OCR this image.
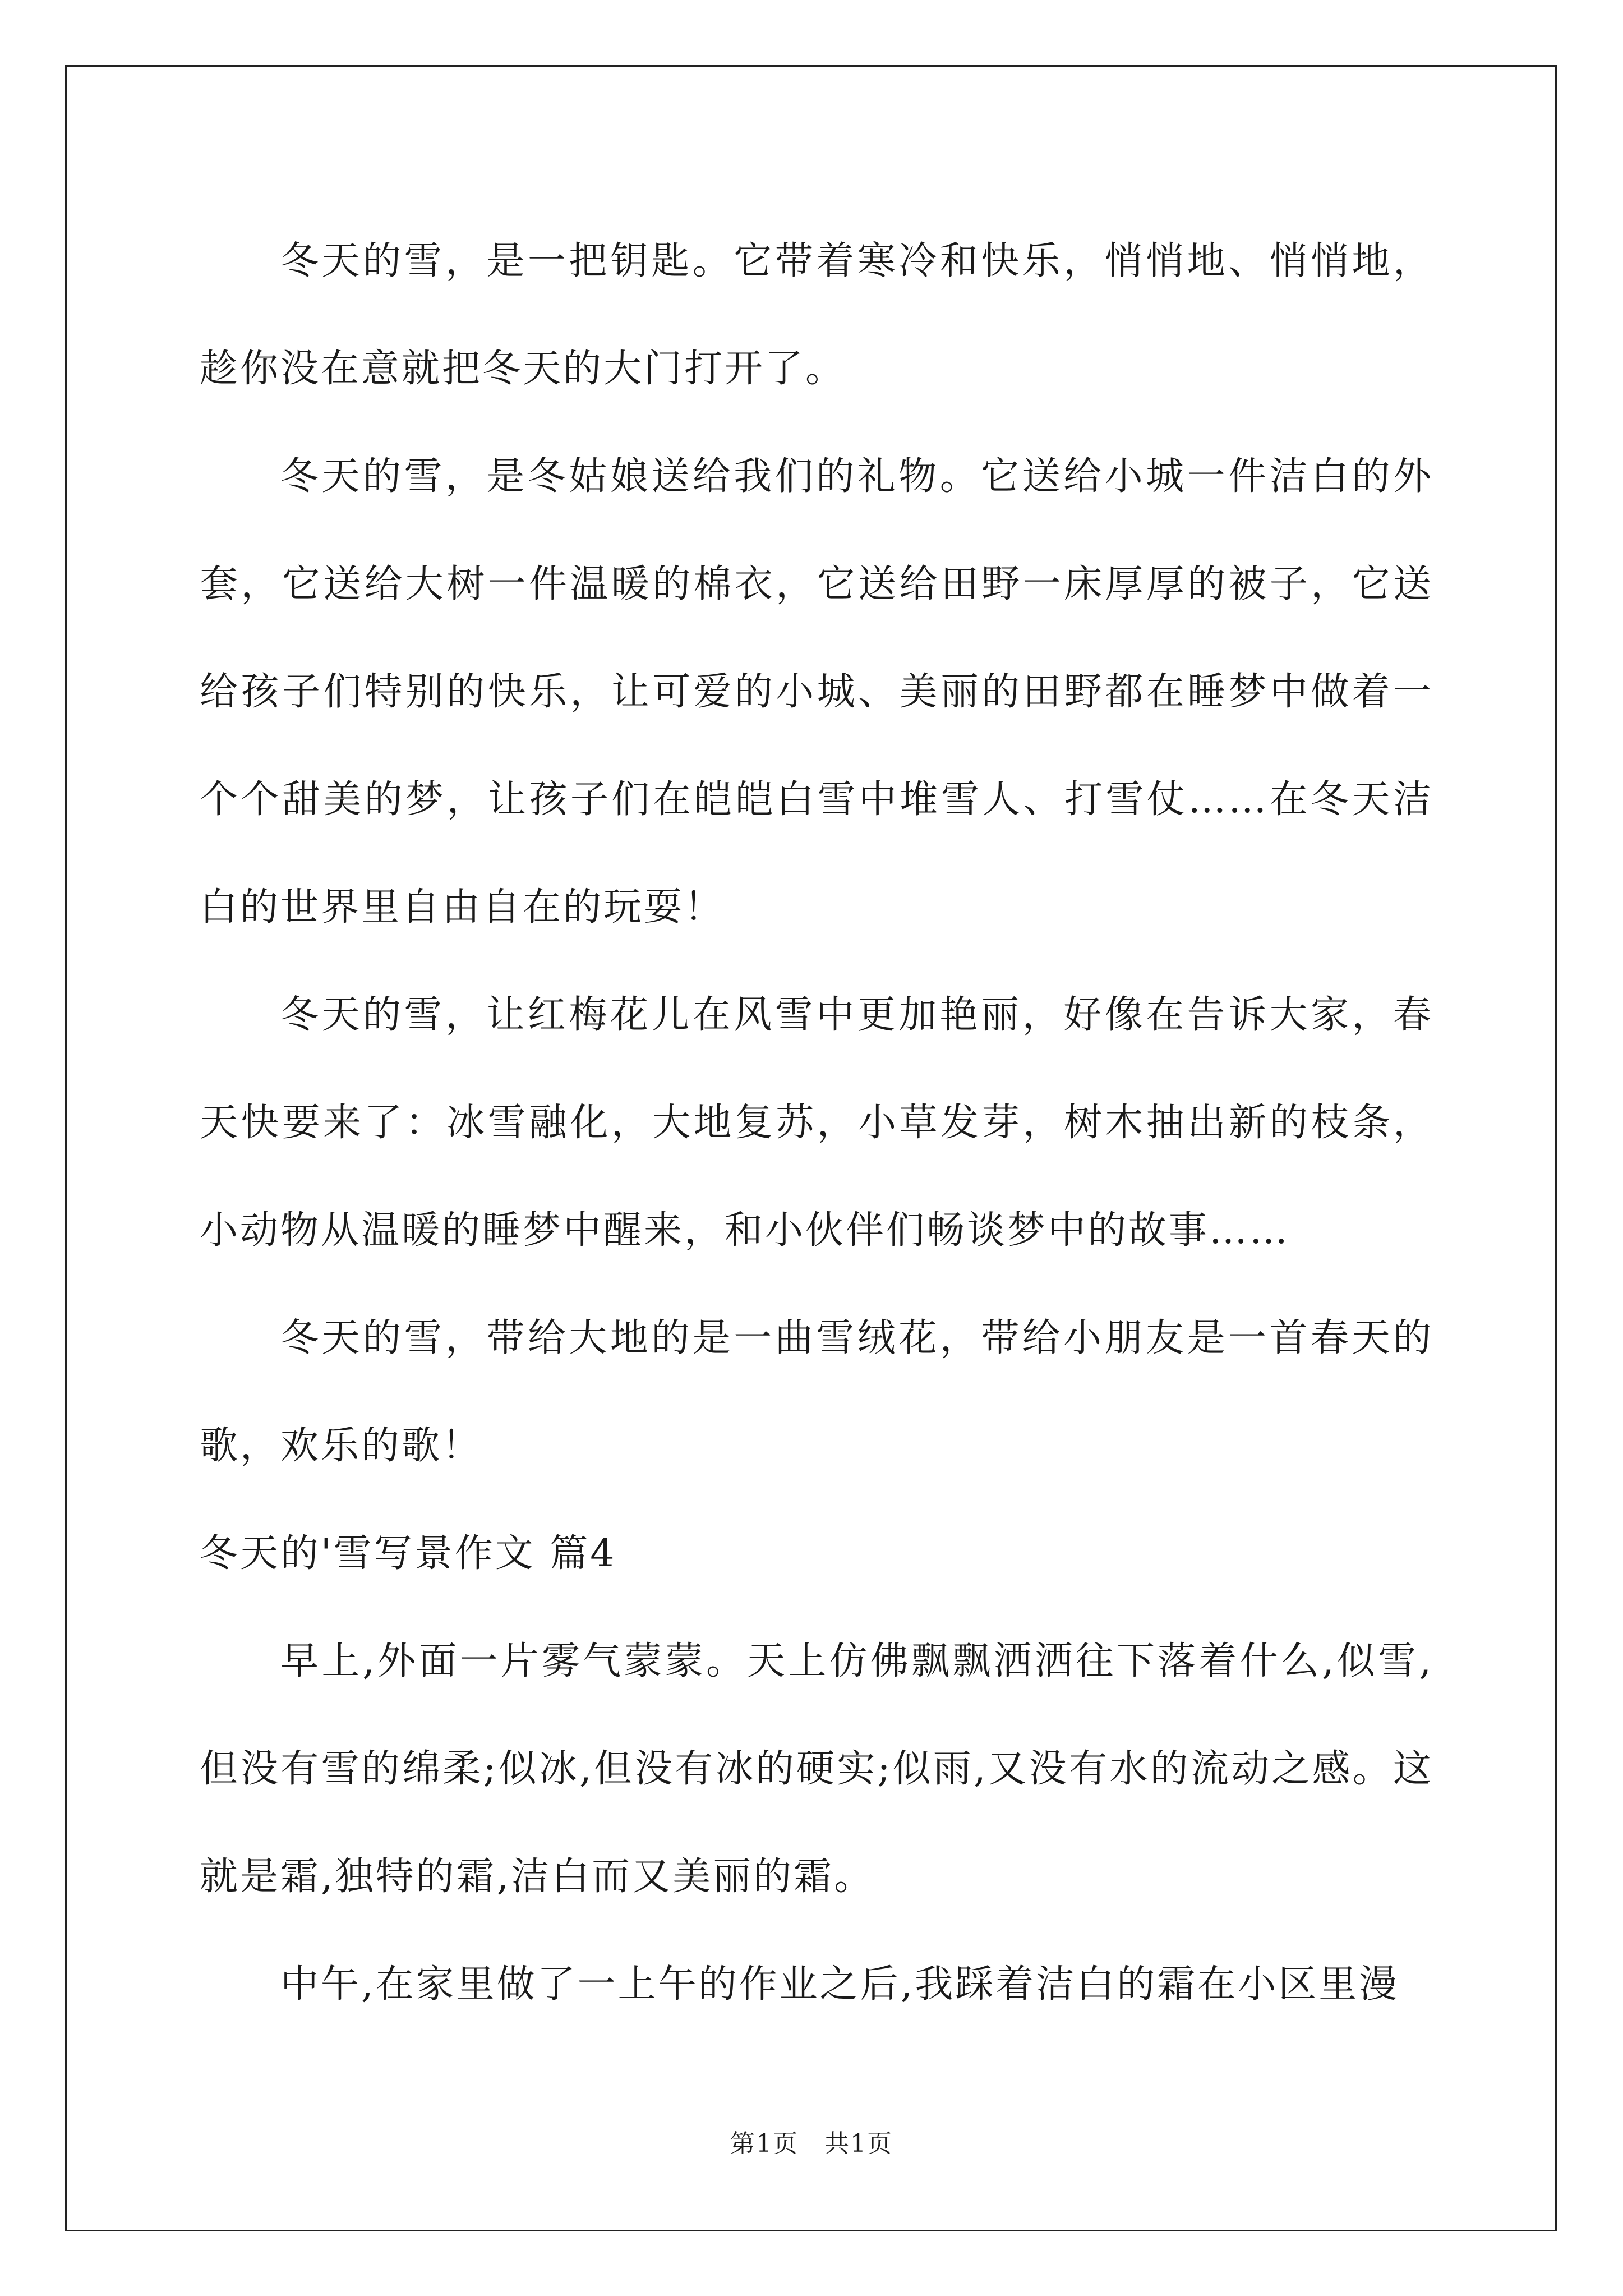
冬天的雪，是一把钥匙。它带着寒冷和快乐，悄悄地、悄悄地，趁你没在意就把冬天的大门打开了。

冬天的雪，是冬姑娘送给我们的礼物。它送给小城一件洁白的外套，它送给大树一件温暖的棉衣，它送给田野一床厚厚的被子，它送给孩子们特别的快乐，让可爱的小城、美丽的田野都在睡梦中做着一个个甜美的梦，让孩子们在皑皑白雪中堆雪人、打雪仗……在冬天洁白的世界里自由自在的玩耍！

冬天的雪，让红梅花儿在风雪中更加艳丽，好像在告诉大家，春天快要来了：冰雪融化，大地复苏，小草发芽，树木抽出新的枝条，小动物从温暖的睡梦中醒来，和小伙伴们畅谈梦中的故事……

冬天的雪，带给大地的是一曲雪绒花，带给小朋友是一首春天的歌，欢乐的歌！

冬天的'雪写景作文 篇4

早上,外面一片雾气蒙蒙。天上仿佛飘飘洒洒往下落着什么,似雪,但没有雪的绵柔;似冰,但没有冰的硬实;似雨,又没有水的流动之感。这就是霜,独特的霜,洁白而又美丽的霜。

中午,在家里做了一上午的作业之后,我踩着洁白的霜在小区里漫

第1页　共1页
